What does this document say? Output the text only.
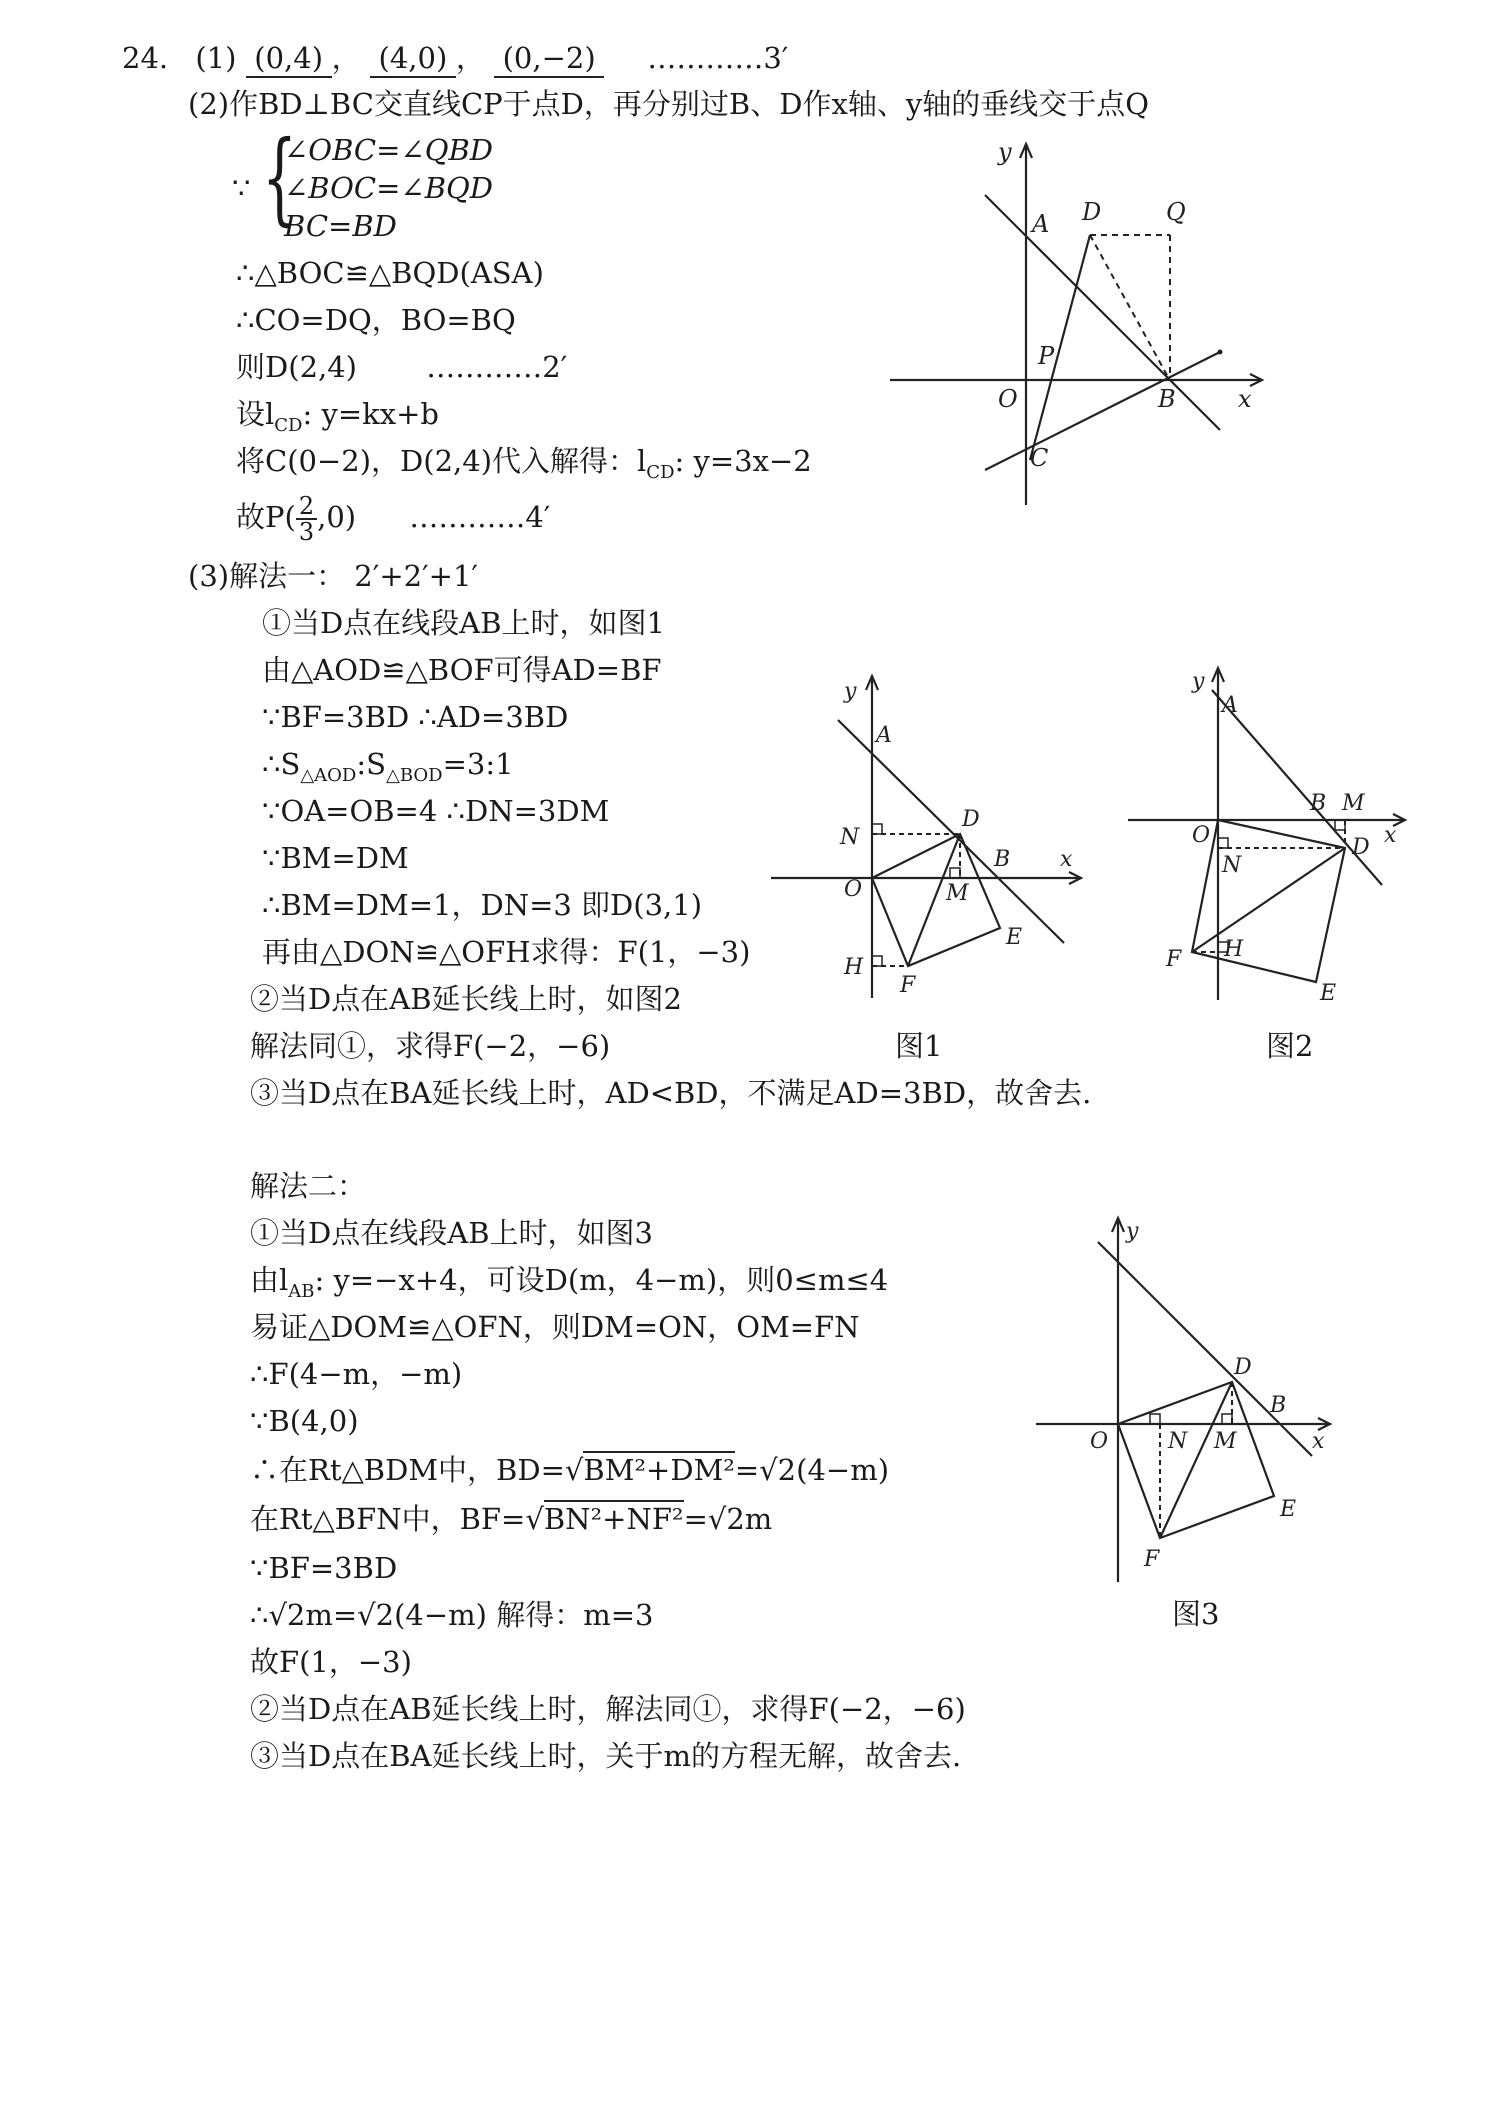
24. (1) (0,4) ， (4,0) ， (0,−2) …………3′
(2)作BD⊥BC交直线CP于点D，再分别过B、D作x轴、y轴的垂线交于点Q
∵ {
∠OBC=∠QBD
∠BOC=∠BQD
BC=BD
∴△BOC≌△BQD(ASA)
∴CO=DQ，BO=BQ
则D(2,4) …………2′
设$l_{CD}$: y=kx+b
将C(0−2)，D(2,4)代入解得：$l_{CD}$: y=3x−2
故$P( \frac{2}{3} ,0)$ …………4′
(3)解法一： 2′+2′+1′
①当D点在线段AB上时，如图1
由△AOD≌△BOF可得AD=BF
∵BF=3BD ∴AD=3BD
$\therefore S_{\triangle AOD}:S_{\triangle BOD}=3:1$
∵OA=OB=4 ∴DN=3DM
∵BM=DM
∴BM=DM=1，DN=3 即D(3,1)
再由△DON≌△OFH求得：F(1，−3)
②当D点在AB延长线上时，如图2
解法同①，求得F(−2，−6)
③当D点在BA延长线上时，AD<BD，不满足AD=3BD，故舍去.
解法二：
①当D点在线段AB上时，如图3
由$l_{AB}$: y=−x+4，可设D(m，4−m)，则0≤m≤4
易证△DOM≌△OFN，则DM=ON，OM=FN
∴F(4−m，−m)
∵B(4,0)
∴在Rt△BDM中，BD=√BM²+DM²=√2(4−m)
在Rt△BFN中，BF=√BN²+NF²=√2m
∵BF=3BD
∴√2m=√2(4−m) 解得：m=3
故F(1，−3)
②当D点在AB延长线上时，解法同①，求得F(−2，−6)
③当D点在BA延长线上时，关于m的方程无解，故舍去.
y
A D	Q
P
O	B	x
C
y
A
N
D
B x
O	M
E
H
F
图1
y
A
B M
O	x
D
N
H
F
E
图2
y
D
B
O	N M	x
E
F
图3
